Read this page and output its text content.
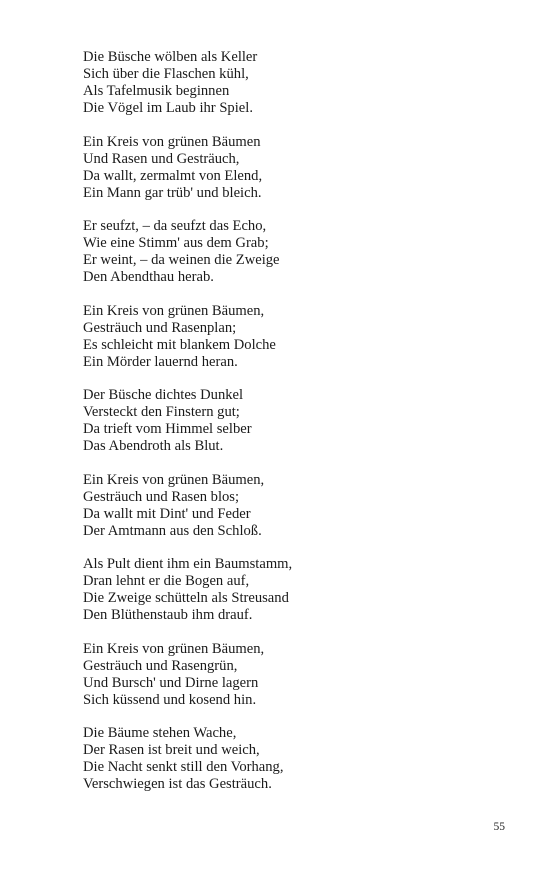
Die Büsche wölben als Keller
Sich über die Flaschen kühl,
Als Tafelmusik beginnen
Die Vögel im Laub ihr Spiel.
Ein Kreis von grünen Bäumen
Und Rasen und Gesträuch,
Da wallt, zermalmt von Elend,
Ein Mann gar trüb' und bleich.
Er seufzt, – da seufzt das Echo,
Wie eine Stimm' aus dem Grab;
Er weint, – da weinen die Zweige
Den Abendthau herab.
Ein Kreis von grünen Bäumen,
Gesträuch und Rasenplan;
Es schleicht mit blankem Dolche
Ein Mörder lauernd heran.
Der Büsche dichtes Dunkel
Versteckt den Finstern gut;
Da trieft vom Himmel selber
Das Abendroth als Blut.
Ein Kreis von grünen Bäumen,
Gesträuch und Rasen blos;
Da wallt mit Dint' und Feder
Der Amtmann aus den Schloß.
Als Pult dient ihm ein Baumstamm,
Dran lehnt er die Bogen auf,
Die Zweige schütteln als Streusand
Den Blüthenstaub ihm drauf.
Ein Kreis von grünen Bäumen,
Gesträuch und Rasengrün,
Und Bursch' und Dirne lagern
Sich küssend und kosend hin.
Die Bäume stehen Wache,
Der Rasen ist breit und weich,
Die Nacht senkt still den Vorhang,
Verschwiegen ist das Gesträuch.
55
